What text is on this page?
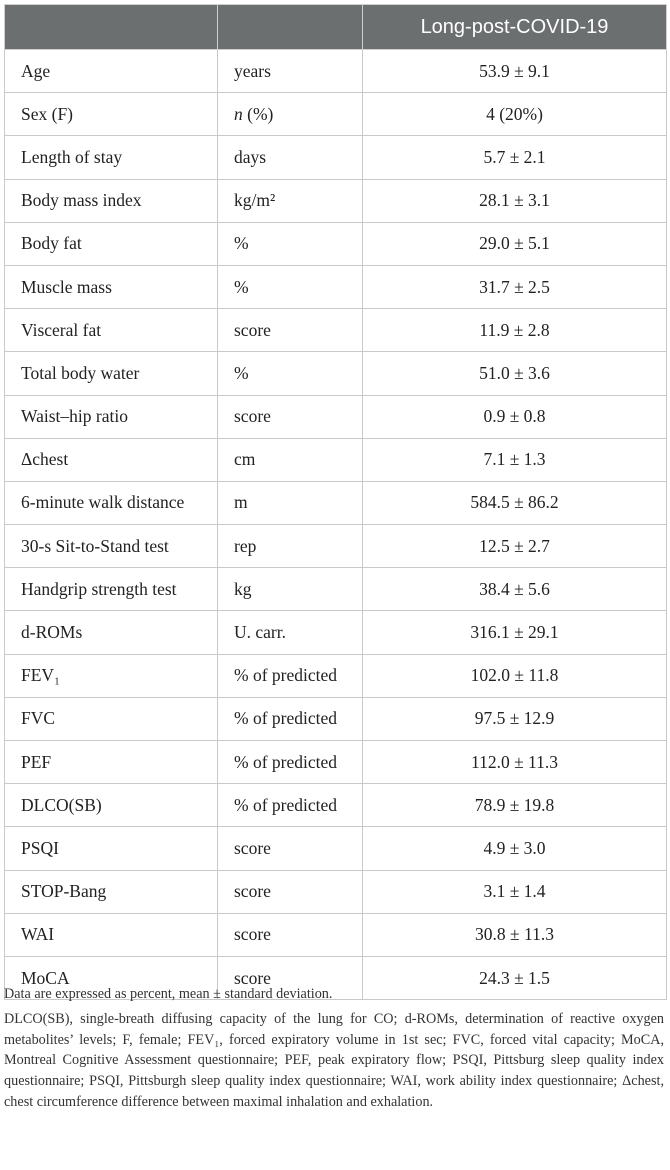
		Long-post-COVID-19
Age	years	53.9 ± 9.1
Sex (F)	n (%)	4 (20%)
Length of stay	days	5.7 ± 2.1
Body mass index	kg/m²	28.1 ± 3.1
Body fat	%	29.0 ± 5.1
Muscle mass	%	31.7 ± 2.5
Visceral fat	score	11.9 ± 2.8
Total body water	%	51.0 ± 3.6
Waist–hip ratio	score	0.9 ± 0.8
Δchest	cm	7.1 ± 1.3
6-minute walk distance	m	584.5 ± 86.2
30-s Sit-to-Stand test	rep	12.5 ± 2.7
Handgrip strength test	kg	38.4 ± 5.6
d-ROMs	U. carr.	316.1 ± 29.1
FEV₁	% of predicted	102.0 ± 11.8
FVC	% of predicted	97.5 ± 12.9
PEF	% of predicted	112.0 ± 11.3
DLCO(SB)	% of predicted	78.9 ± 19.8
PSQI	score	4.9 ± 3.0
STOP-Bang	score	3.1 ± 1.4
WAI	score	30.8 ± 11.3
MoCA	score	24.3 ± 1.5

Data are expressed as percent, mean ± standard deviation.

DLCO(SB), single-breath diffusing capacity of the lung for CO; d-ROMs, determination of reactive oxygen metabolites’ levels; F, female; FEV₁, forced expiratory volume in 1st sec; FVC, forced vital capacity; MoCA, Montreal Cognitive Assessment questionnaire; PEF, peak expiratory flow; PSQI, Pittsburg sleep quality index questionnaire; PSQI, Pittsburgh sleep quality index questionnaire; WAI, work ability index questionnaire; Δchest, chest circumference difference between maximal inhalation and exhalation.
